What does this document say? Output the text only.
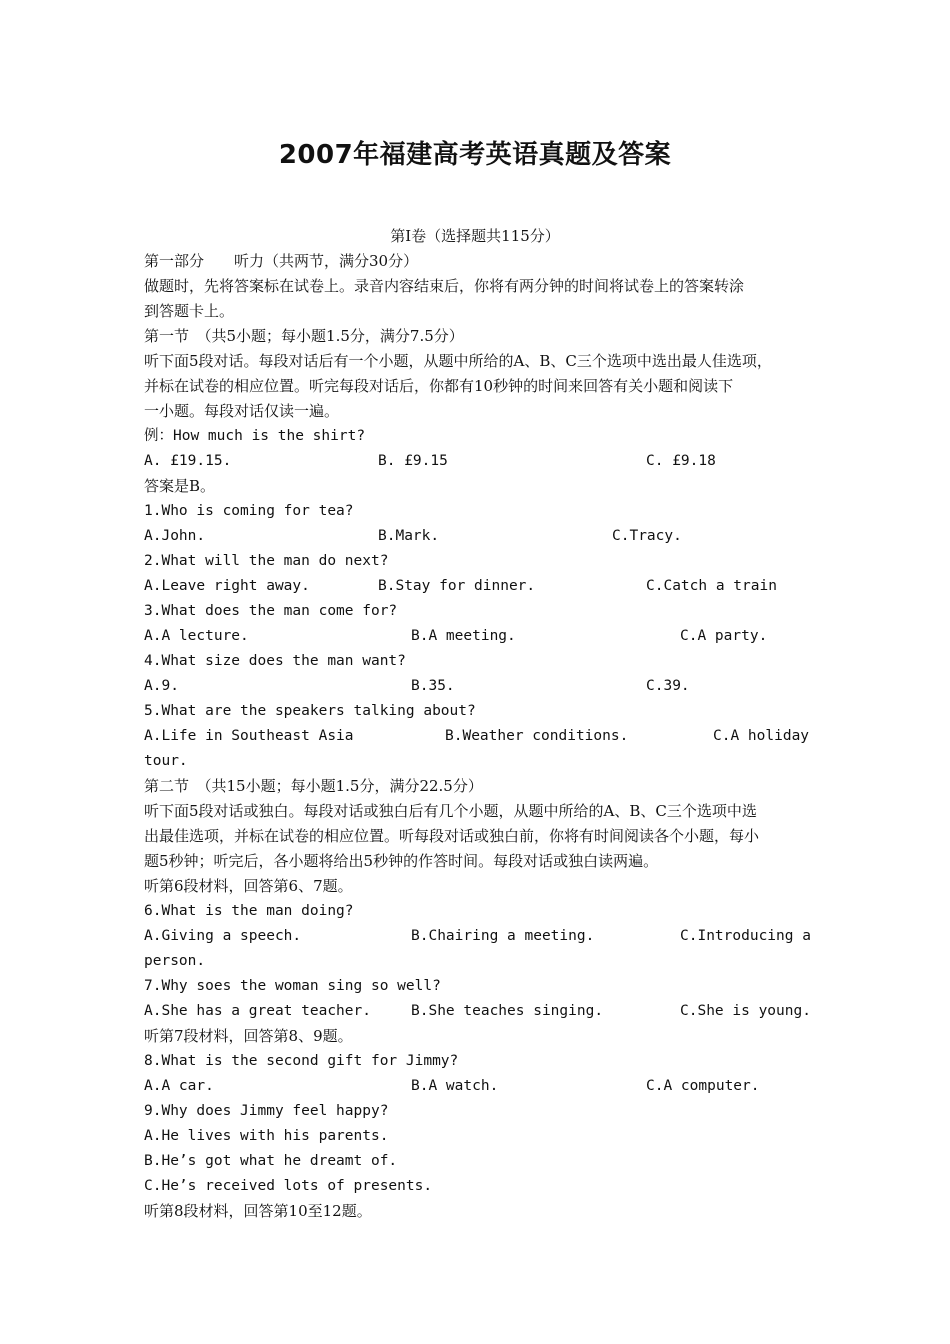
2007年福建高考英语真题及答案
第Ⅰ卷（选择题共115分）
第一部分　　听力（共两节，满分30分）
做题时，先将答案标在试卷上。录音内容结束后，你将有两分钟的时间将试卷上的答案转涂
到答题卡上。
第一节　（共5小题；每小题1.5分，满分7.5分）
听下面5段对话。每段对话后有一个小题，从题中所给的A、B、C三个选项中选出最人佳选项，
并标在试卷的相应位置。听完每段对话后，你都有10秒钟的时间来回答有关小题和阅读下
一小题。每段对话仅读一遍。
例：How much is the shirt?
A. £19.15.	B. £9.15	C. £9.18
答案是B。
1.Who is coming for tea?
A.John.	B.Mark.	C.Tracy.
2.What will the man do next?
A.Leave right away.	B.Stay for dinner.	C.Catch a train
3.What does the man come for?
A.A lecture.	B.A meeting.	C.A party.
4.What size does the man want?
A.9.	B.35.	C.39.
5.What are the speakers talking about?
A.Life in Southeast Asia	B.Weather conditions.	C.A holiday
tour.
第二节　（共15小题；每小题1.5分，满分22.5分）
听下面5段对话或独白。每段对话或独白后有几个小题，从题中所给的A、B、C三个选项中选
出最佳选项，并标在试卷的相应位置。听每段对话或独白前，你将有时间阅读各个小题，每小
题5秒钟；听完后，各小题将给出5秒钟的作答时间。每段对话或独白读两遍。
听第6段材料，回答第6、7题。
6.What is the man doing?
A.Giving a speech.	B.Chairing a meeting.	C.Introducing a
person.
7.Why soes the woman sing so well?
A.She has a great teacher.	B.She teaches singing.	C.She is young.
听第7段材料，回答第8、9题。
8.What is the second gift for Jimmy?
A.A car.	B.A watch.	C.A computer.
9.Why does Jimmy feel happy?
A.He lives with his parents.
B.He’s got what he dreamt of.
C.He’s received lots of presents.
听第8段材料，回答第10至12题。
